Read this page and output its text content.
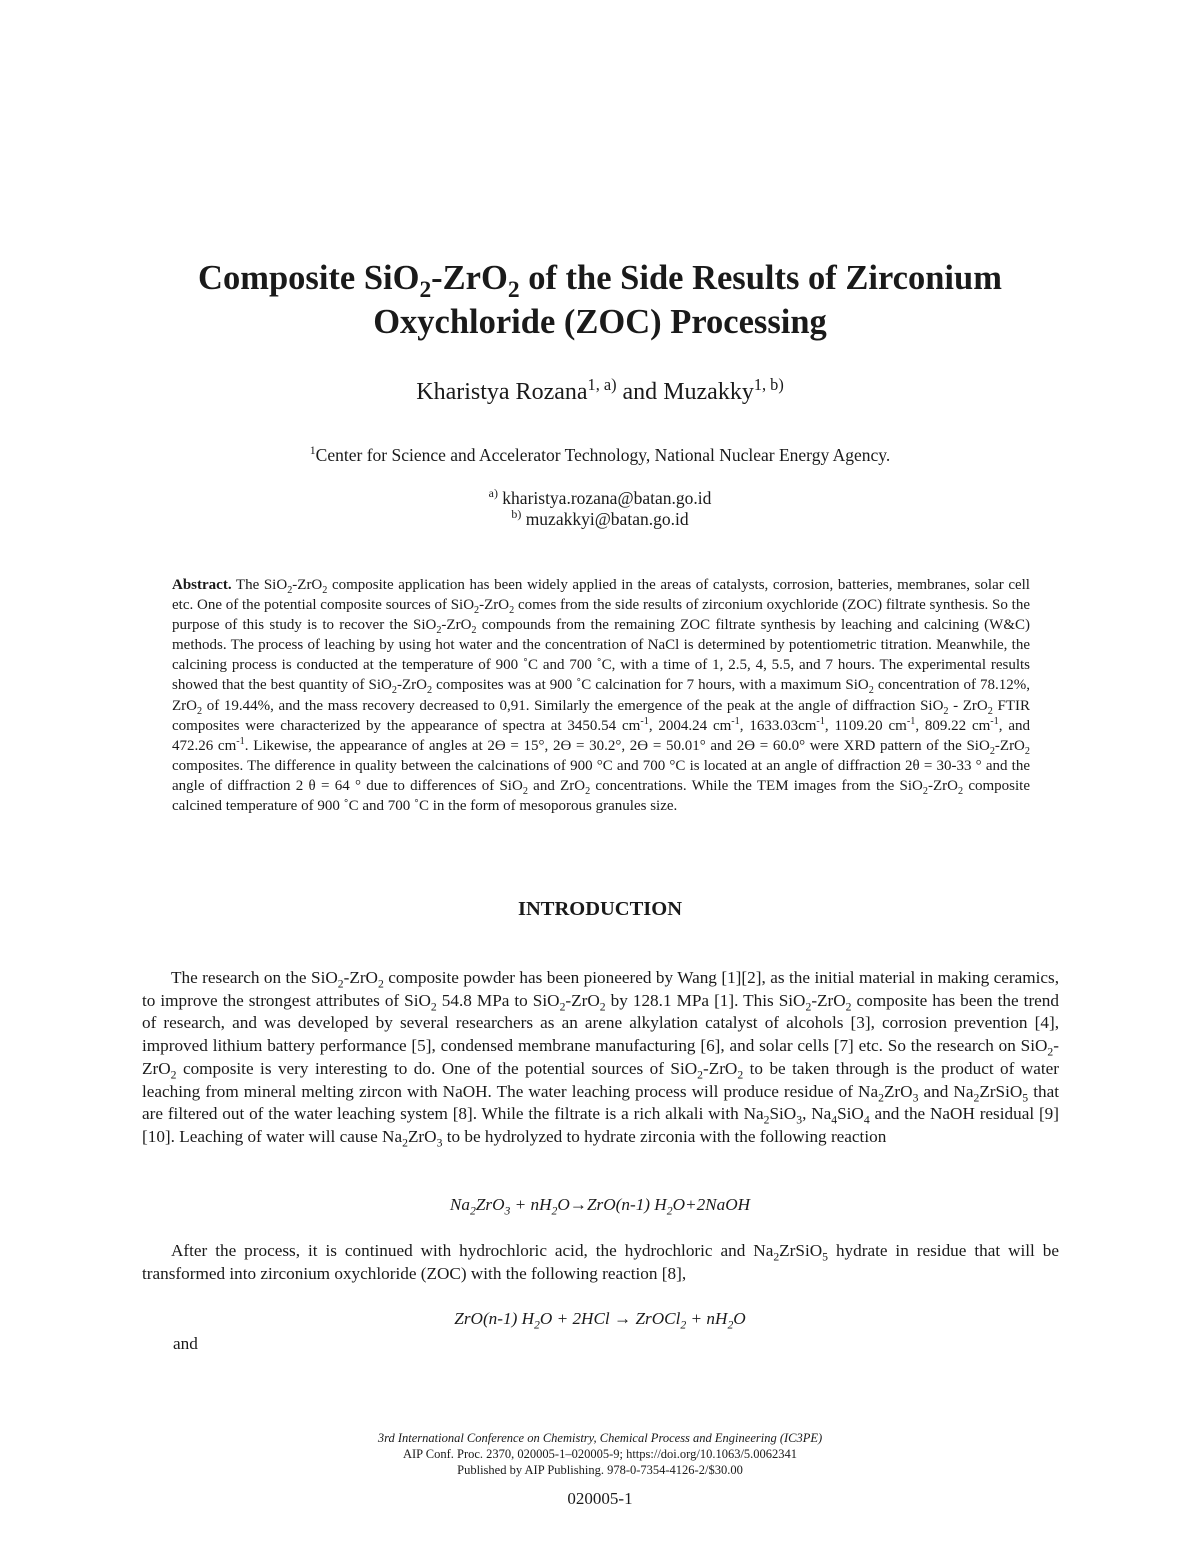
Composite SiO$_2$-ZrO$_2$ of the Side Results of Zirconium
Oxychloride (ZOC) Processing
Kharistya Rozana$^{1, a)}$ and Muzakky$^{1, b)}$
$^1$Center for Science and Accelerator Technology, National Nuclear Energy Agency.
$^{a)}$ kharistya.rozana@batan.go.id
$^{b)}$ muzakkyi@batan.go.id
Abstract. The SiO$_2$-ZrO$_2$ composite application has been widely applied in the areas of catalysts, corrosion, batteries, membranes, solar cell etc. One of the potential composite sources of SiO$_2$-ZrO$_2$ comes from the side results of zirconium oxychloride (ZOC) filtrate synthesis. So the purpose of this study is to recover the SiO$_2$-ZrO$_2$ compounds from the remaining ZOC filtrate synthesis by leaching and calcining (W&C) methods. The process of leaching by using hot water and the concentration of NaCl is determined by potentiometric titration. Meanwhile, the calcining process is conducted at the temperature of 900 ˚C and 700 ˚C, with a time of 1, 2.5, 4, 5.5, and 7 hours. The experimental results showed that the best quantity of SiO$_2$-ZrO$_2$ composites was at 900 ˚C calcination for 7 hours, with a maximum SiO$_2$ concentration of 78.12%, ZrO$_2$ of 19.44%, and the mass recovery decreased to 0,91. Similarly the emergence of the peak at the angle of diffraction SiO$_2$ - ZrO$_2$ FTIR composites were characterized by the appearance of spectra at 3450.54 $cm^{-1}$, 2004.24 $cm^{-1}$, $1633.03cm^{-1}$, 1109.20 $cm^{-1}$, 809.22 $cm^{-1}$, and 472.26 $cm^{-1}$. Likewise, the appearance of angles at 2Ɵ = 15°, 2Ɵ = 30.2°, 2Ɵ = 50.01° and 2Ɵ = 60.0° were XRD pattern of the SiO$_2$-ZrO$_2$ composites. The difference in quality between the calcinations of 900 °C and 700 °C is located at an angle of diffraction 2θ = 30-33 ° and the angle of diffraction 2 θ = 64 ° due to differences of SiO$_2$ and ZrO$_2$ concentrations. While the TEM images from the SiO$_2$-ZrO$_2$ composite calcined temperature of 900 ˚C and 700 ˚C in the form of mesoporous granules size.
INTRODUCTION

The research on the SiO$_2$-ZrO$_2$ composite powder has been pioneered by Wang [1][2], as the initial material in making ceramics, to improve the strongest attributes of SiO$_2$ 54.8 MPa to SiO$_2$-ZrO$_2$ by 128.1 MPa [1]. This SiO$_2$-ZrO$_2$ composite has been the trend of research, and was developed by several researchers as an arene alkylation catalyst of alcohols [3], corrosion prevention [4], improved lithium battery performance [5], condensed membrane manufacturing [6], and solar cells [7] etc. So the research on SiO$_2$-ZrO$_2$ composite is very interesting to do. One of the potential sources of SiO$_2$-ZrO$_2$ to be taken through is the product of water leaching from mineral melting zircon with NaOH. The water leaching process will produce residue of $Na_2ZrO_3$ and $Na_2ZrSiO_5$ that are filtered out of the water leaching system [8]. While the filtrate is a rich alkali with $Na_2SiO_3$, $Na_4SiO_4$ and the NaOH residual [9][10]. Leaching of water will cause $Na_2ZrO_3$ to be hydrolyzed to hydrate zirconia with the following reaction

$Na_2ZrO_3 + nH_2O\to ZrO(n-1)$ $H_2O+2NaOH$

After the process, it is continued with hydrochloric acid, the hydrochloric and $Na_2ZrSiO_5$ hydrate in residue that will be transformed into zirconium oxychloride (ZOC) with the following reaction [8],

ZrO(n-1) $H_2O + 2HCl$ → ZrOCl$_2$ + $nH_2O$
and
3rd International Conference on Chemistry, Chemical Process and Engineering (IC3PE)
AIP Conf. Proc. 2370, 020005-1–020005-9; https://doi.org/10.1063/5.0062341
Published by AIP Publishing. 978-0-7354-4126-2/$30.00
020005-1
